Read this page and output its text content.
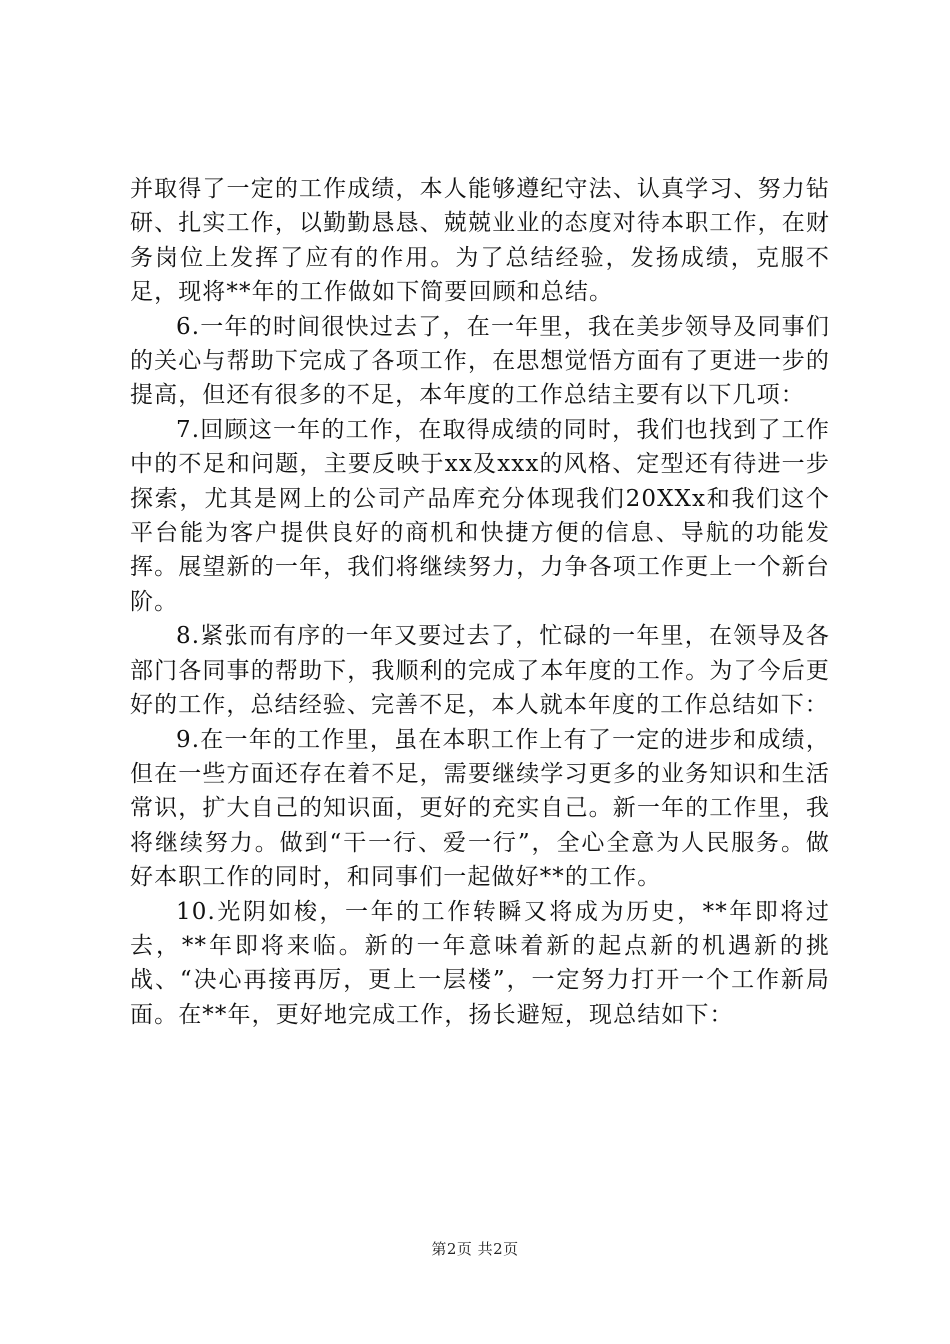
并取得了一定的工作成绩，本人能够遵纪守法、认真学习、努力钻研、扎实工作，以勤勤恳恳、兢兢业业的态度对待本职工作，在财务岗位上发挥了应有的作用。为了总结经验，发扬成绩，克服不足，现将**年的工作做如下简要回顾和总结。

6.一年的时间很快过去了，在一年里，我在美步领导及同事们的关心与帮助下完成了各项工作，在思想觉悟方面有了更进一步的提高，但还有很多的不足，本年度的工作总结主要有以下几项：

7.回顾这一年的工作，在取得成绩的同时，我们也找到了工作中的不足和问题，主要反映于xx及xxx的风格、定型还有待进一步探索，尤其是网上的公司产品库充分体现我们20XXx和我们这个平台能为客户提供良好的商机和快捷方便的信息、导航的功能发挥。展望新的一年，我们将继续努力，力争各项工作更上一个新台阶。

8.紧张而有序的一年又要过去了，忙碌的一年里，在领导及各部门各同事的帮助下，我顺利的完成了本年度的工作。为了今后更好的工作，总结经验、完善不足，本人就本年度的工作总结如下：

9.在一年的工作里，虽在本职工作上有了一定的进步和成绩，但在一些方面还存在着不足，需要继续学习更多的业务知识和生活常识，扩大自己的知识面，更好的充实自己。新一年的工作里，我将继续努力。做到“干一行、爱一行”，全心全意为人民服务。做好本职工作的同时，和同事们一起做好**的工作。

10.光阴如梭，一年的工作转瞬又将成为历史，**年即将过去，**年即将来临。新的一年意味着新的起点新的机遇新的挑战、“决心再接再厉，更上一层楼”，一定努力打开一个工作新局面。在**年，更好地完成工作，扬长避短，现总结如下：

第2页 共2页
